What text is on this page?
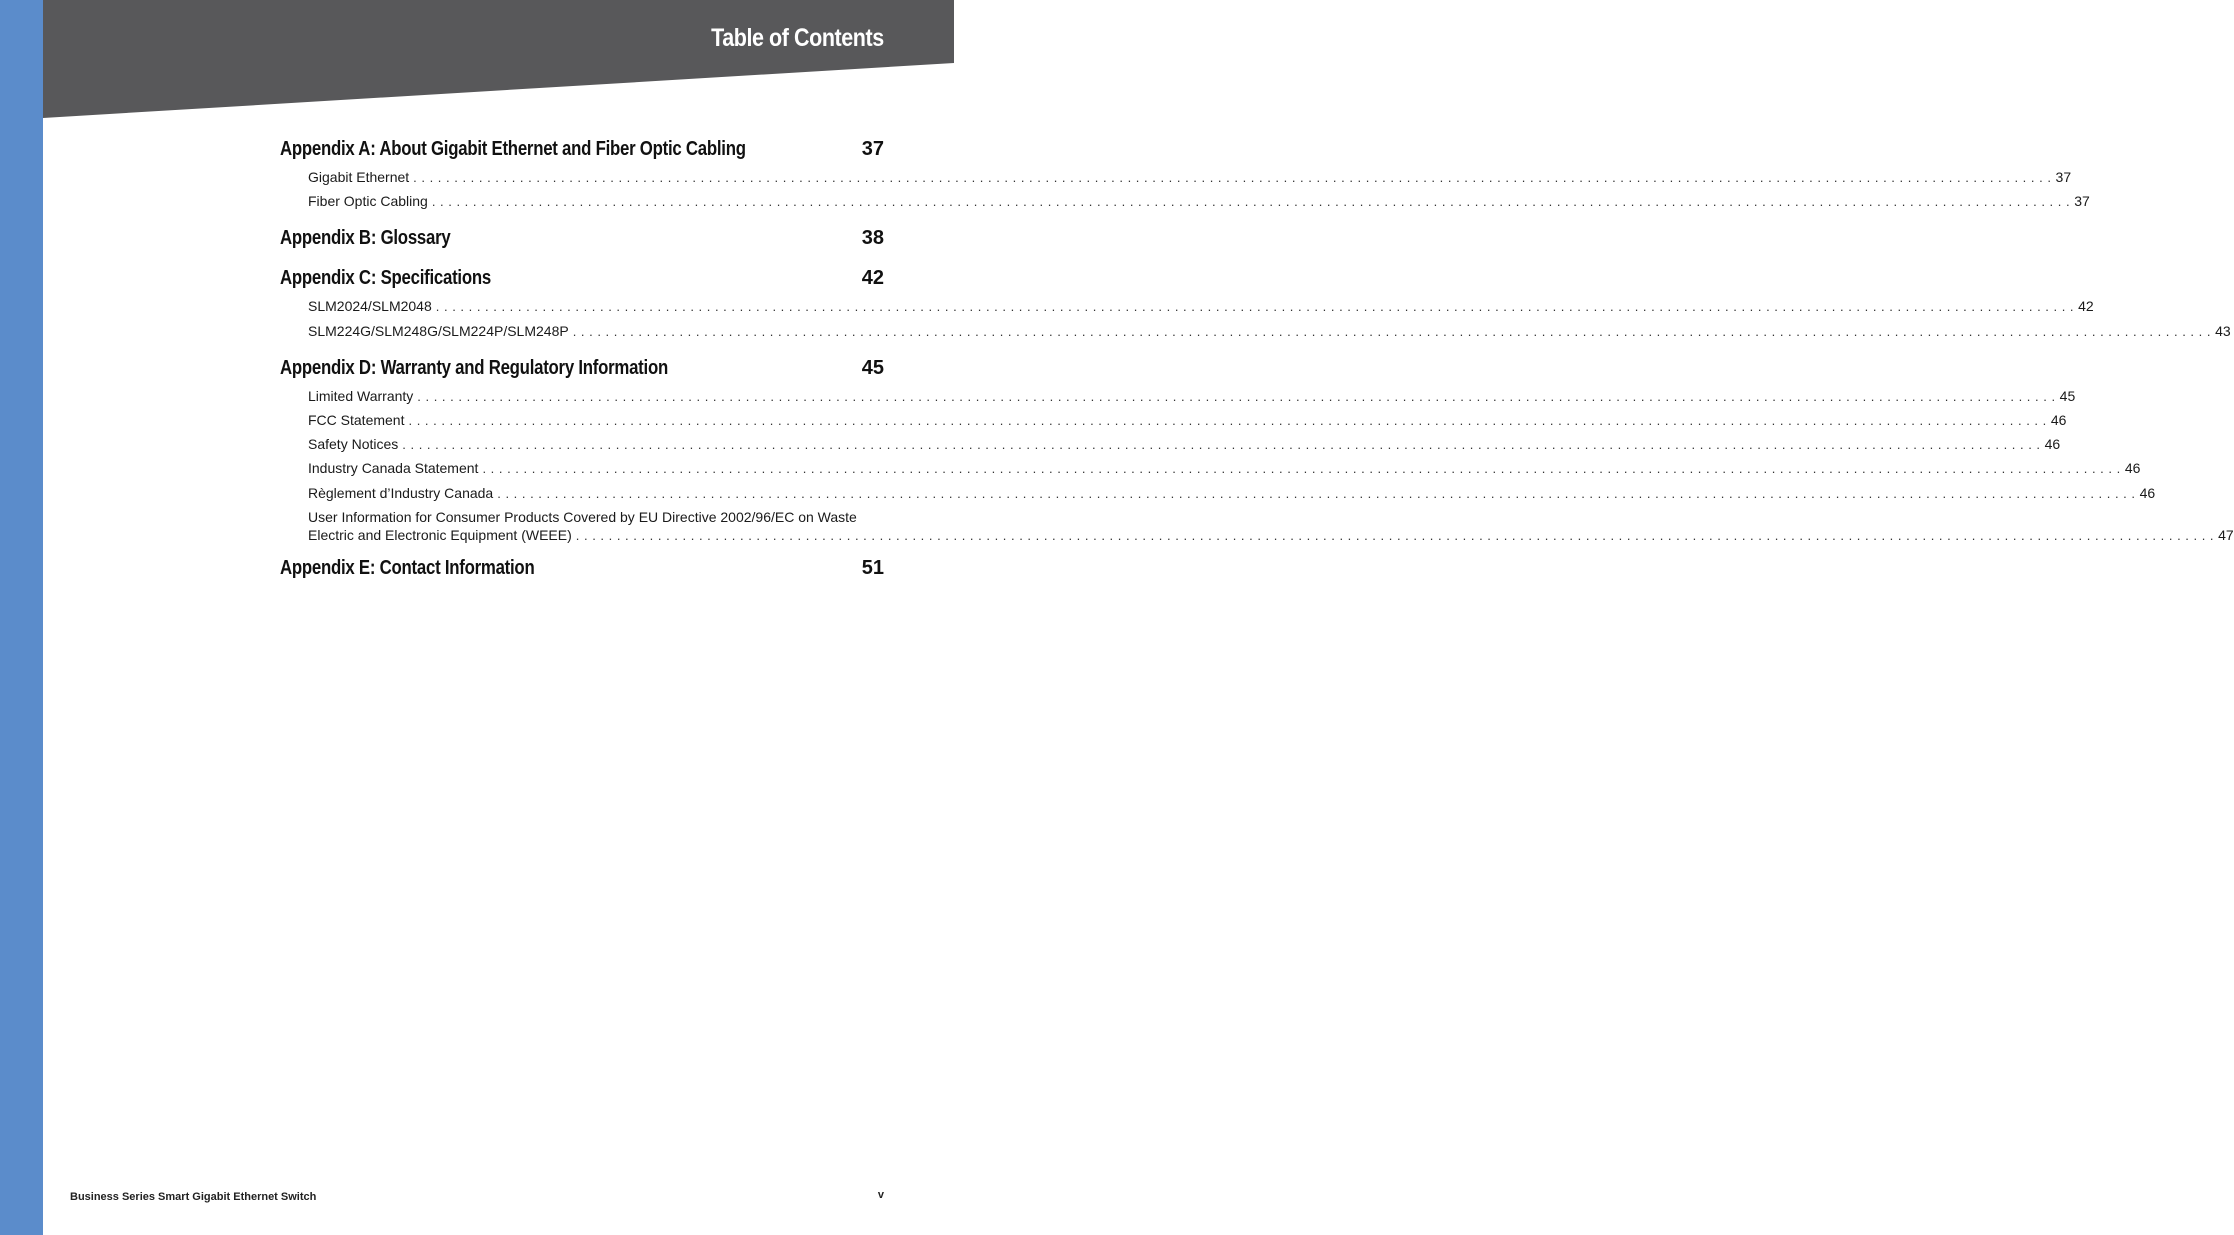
Table of Contents
Appendix A: About Gigabit Ethernet and Fiber Optic Cabling	37
Gigabit Ethernet ........................................................................................................................................................................................................ 37
Fiber Optic Cabling ........................................................................................................................................................................................................ 37
Appendix B: Glossary	38
Appendix C: Specifications	42
SLM2024/SLM2048 ........................................................................................................................................................................................................ 42
SLM224G/SLM248G/SLM224P/SLM248P ........................................................................................................................................................................................................ 43
Appendix D: Warranty and Regulatory Information	45
Limited Warranty ........................................................................................................................................................................................................ 45
FCC Statement ........................................................................................................................................................................................................ 46
Safety Notices ........................................................................................................................................................................................................ 46
Industry Canada Statement ........................................................................................................................................................................................................ 46
Règlement d’Industry Canada ........................................................................................................................................................................................................ 46
User Information for Consumer Products Covered by EU Directive 2002/96/EC on Waste
Electric and Electronic Equipment (WEEE) ........................................................................................................................................................................................................ 47
Appendix E: Contact Information	51
Business Series Smart Gigabit Ethernet Switch	v
